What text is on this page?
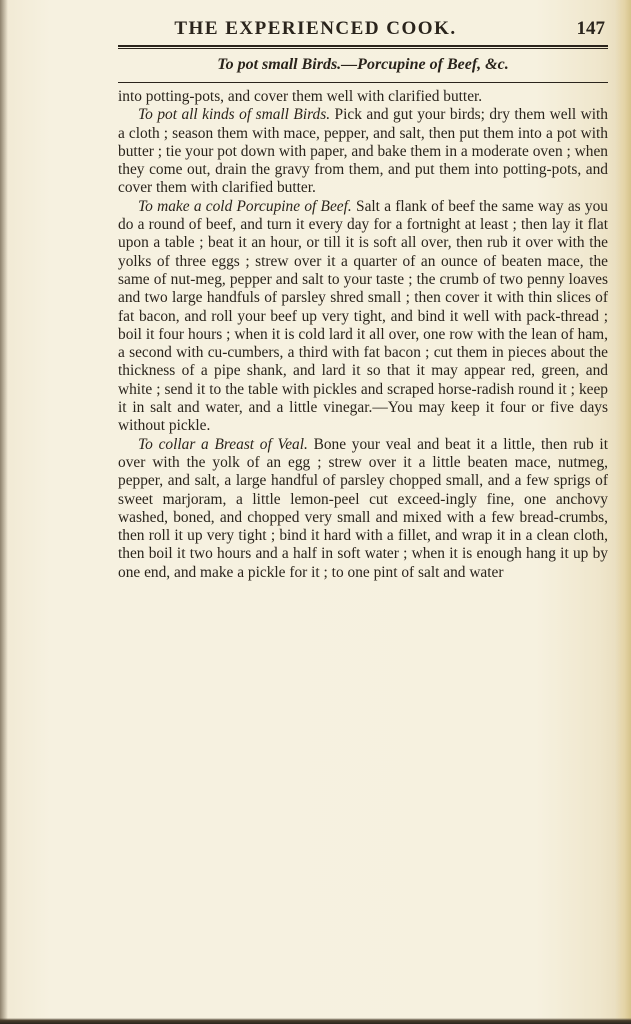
THE EXPERIENCED COOK.	147
To pot small Birds.—Porcupine of Beef, &c.

into potting-pots, and cover them well with clarified butter.

To pot all kinds of small Birds. Pick and gut your birds; dry them well with a cloth ; season them with mace, pepper, and salt, then put them into a pot with butter ; tie your pot down with paper, and bake them in a moderate oven ; when they come out, drain the gravy from them, and put them into potting-pots, and cover them with clarified butter.

To make a cold Porcupine of Beef. Salt a flank of beef the same way as you do a round of beef, and turn it every day for a fortnight at least ; then lay it flat upon a table ; beat it an hour, or till it is soft all over, then rub it over with the yolks of three eggs ; strew over it a quarter of an ounce of beaten mace, the same of nut-meg, pepper and salt to your taste ; the crumb of two penny loaves and two large handfuls of parsley shred small ; then cover it with thin slices of fat bacon, and roll your beef up very tight, and bind it well with pack-thread ; boil it four hours ; when it is cold lard it all over, one row with the lean of ham, a second with cu-cumbers, a third with fat bacon ; cut them in pieces about the thickness of a pipe shank, and lard it so that it may appear red, green, and white ; send it to the table with pickles and scraped horse-radish round it ; keep it in salt and water, and a little vinegar.—You may keep it four or five days without pickle.

To collar a Breast of Veal. Bone your veal and beat it a little, then rub it over with the yolk of an egg ; strew over it a little beaten mace, nutmeg, pepper, and salt, a large handful of parsley chopped small, and a few sprigs of sweet marjoram, a little lemon-peel cut exceed-ingly fine, one anchovy washed, boned, and chopped very small and mixed with a few bread-crumbs, then roll it up very tight ; bind it hard with a fillet, and wrap it in a clean cloth, then boil it two hours and a half in soft water ; when it is enough hang it up by one end, and make a pickle for it ; to one pint of salt and water
